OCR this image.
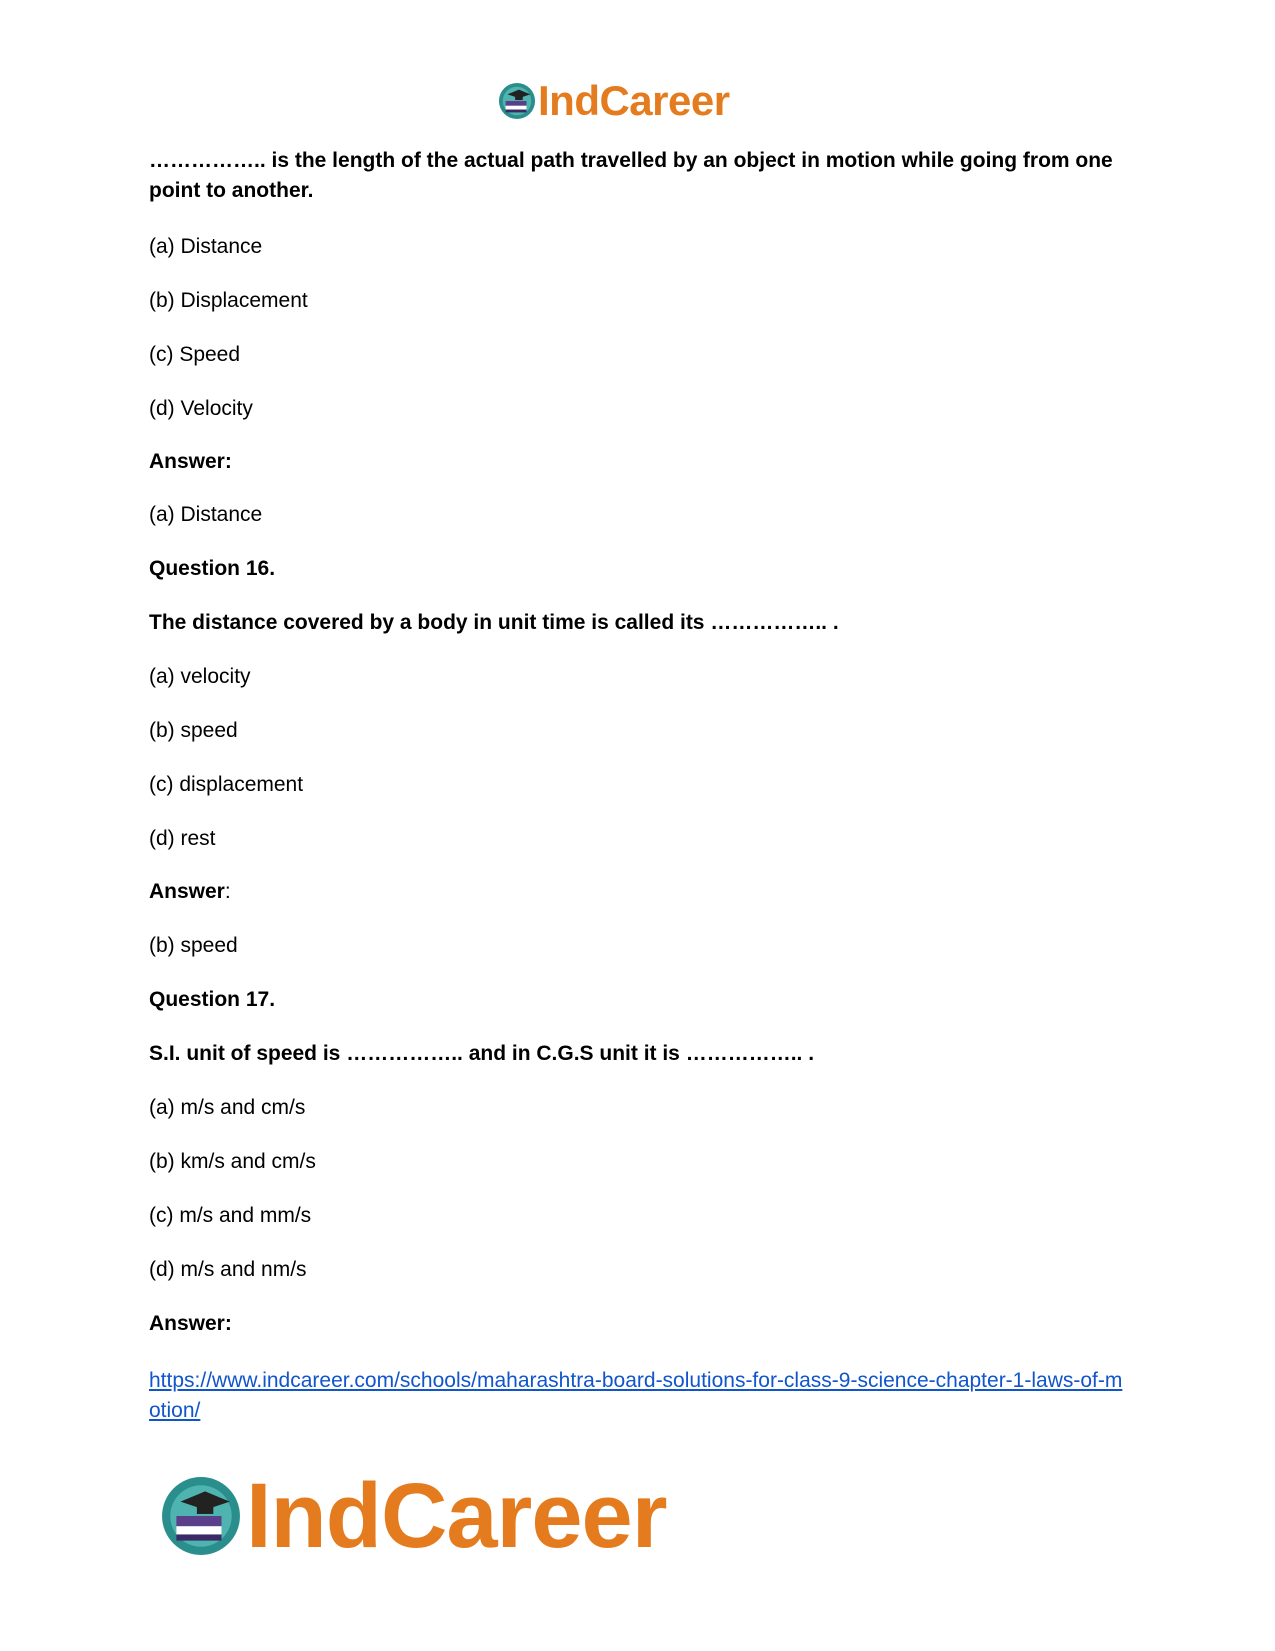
IndCareer
…………….. is the length of the actual path travelled by an object in motion while going from one point to another.
(a) Distance
(b) Displacement
(c) Speed
(d) Velocity
Answer:
(a) Distance
Question 16.
The distance covered by a body in unit time is called its …………….. .
(a) velocity
(b) speed
(c) displacement
(d) rest
Answer:
(b) speed
Question 17.
S.I. unit of speed is …………….. and in C.G.S unit it is …………….. .
(a) m/s and cm/s
(b) km/s and cm/s
(c) m/s and mm/s
(d) m/s and nm/s
Answer:
https://www.indcareer.com/schools/maharashtra-board-solutions-for-class-9-science-chapter-1-laws-of-motion/
IndCareer
